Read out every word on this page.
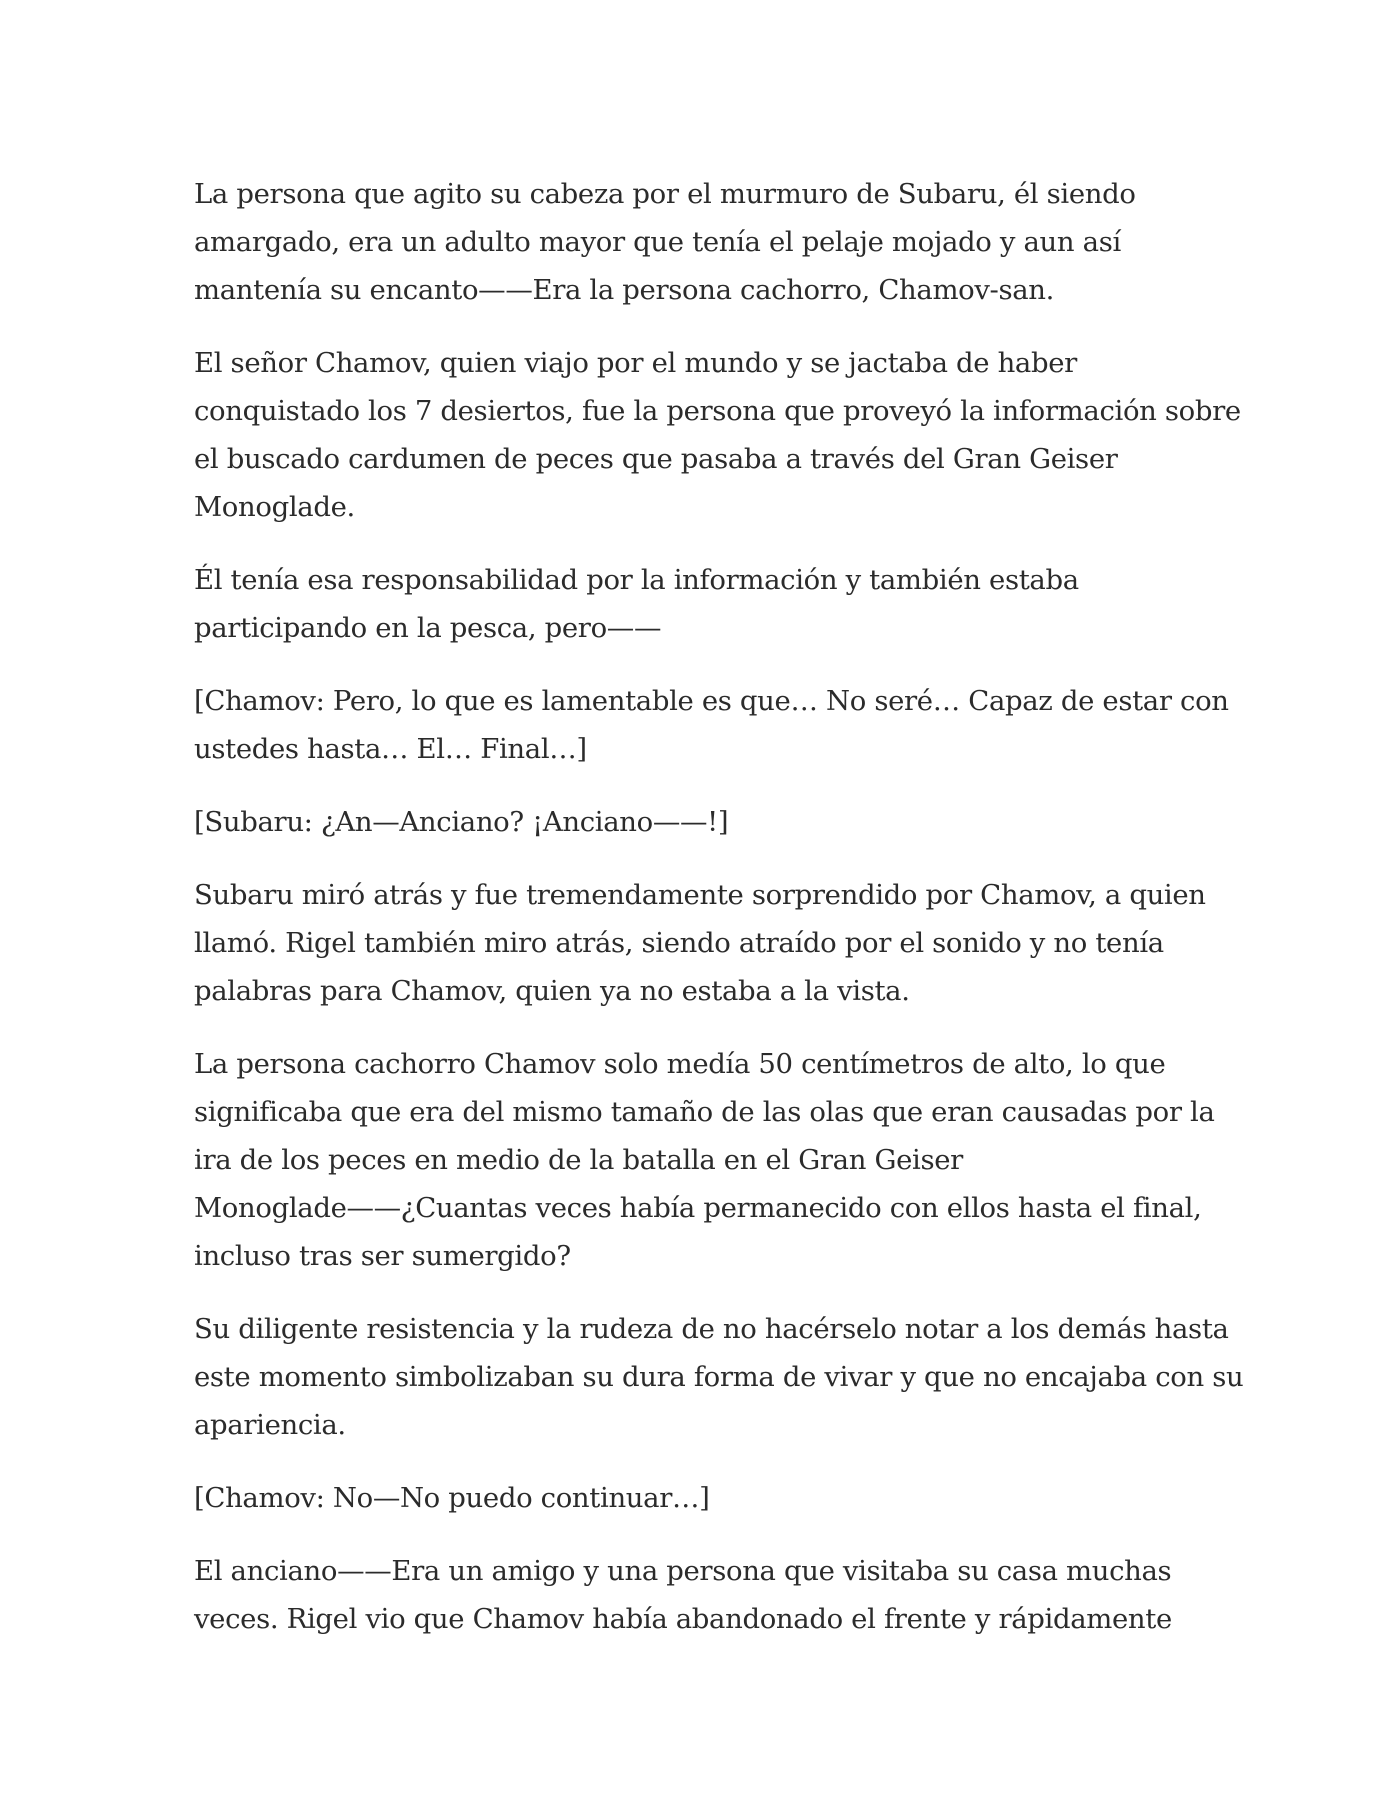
La persona que agito su cabeza por el murmuro de Subaru, él siendo
amargado, era un adulto mayor que tenía el pelaje mojado y aun así
mantenía su encanto——Era la persona cachorro, Chamov-san.

El señor Chamov, quien viajo por el mundo y se jactaba de haber
conquistado los 7 desiertos, fue la persona que proveyó la información sobre
el buscado cardumen de peces que pasaba a través del Gran Geiser
Monoglade.

Él tenía esa responsabilidad por la información y también estaba
participando en la pesca, pero——

[Chamov: Pero, lo que es lamentable es que… No seré… Capaz de estar con
ustedes hasta… El… Final…]

[Subaru: ¿An—Anciano? ¡Anciano——!]

Subaru miró atrás y fue tremendamente sorprendido por Chamov, a quien
llamó. Rigel también miro atrás, siendo atraído por el sonido y no tenía
palabras para Chamov, quien ya no estaba a la vista.

La persona cachorro Chamov solo medía 50 centímetros de alto, lo que
significaba que era del mismo tamaño de las olas que eran causadas por la
ira de los peces en medio de la batalla en el Gran Geiser
Monoglade——¿Cuantas veces había permanecido con ellos hasta el final,
incluso tras ser sumergido?

Su diligente resistencia y la rudeza de no hacérselo notar a los demás hasta
este momento simbolizaban su dura forma de vivar y que no encajaba con su
apariencia.

[Chamov: No—No puedo continuar…]

El anciano——Era un amigo y una persona que visitaba su casa muchas
veces. Rigel vio que Chamov había abandonado el frente y rápidamente
